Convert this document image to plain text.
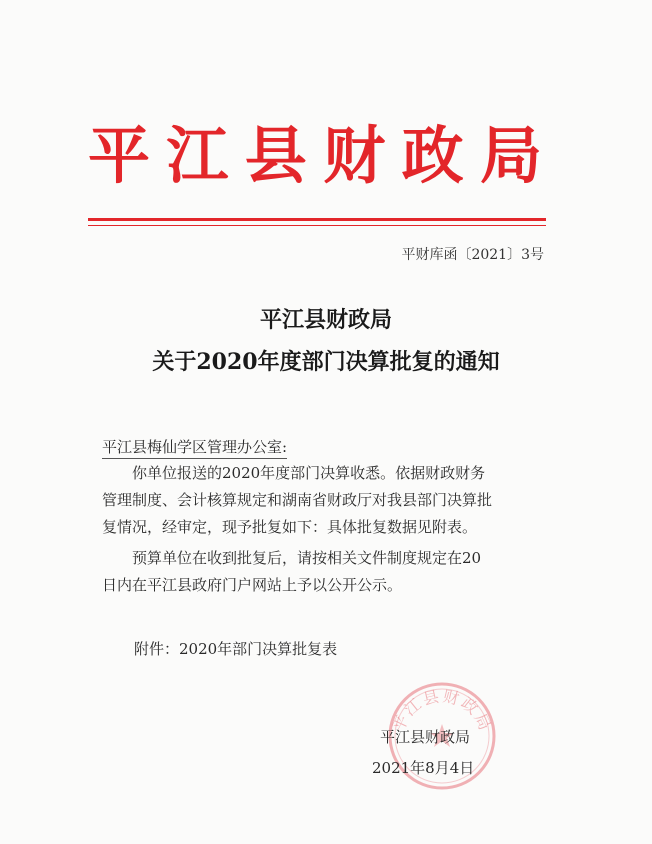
平江县财政局
平财库函〔2021〕3号
平江县财政局
关于2020年度部门决算批复的通知
平江县梅仙学区管理办公室:
你单位报送的2020年度部门决算收悉。依据财政财务
管理制度、会计核算规定和湖南省财政厅对我县部门决算批
复情况，经审定，现予批复如下：具体批复数据见附表。
预算单位在收到批复后，请按相关文件制度规定在20
日内在平江县政府门户网站上予以公开公示。
附件：2020年部门决算批复表
平江县财政局
平江县财政局
2021年8月4日
